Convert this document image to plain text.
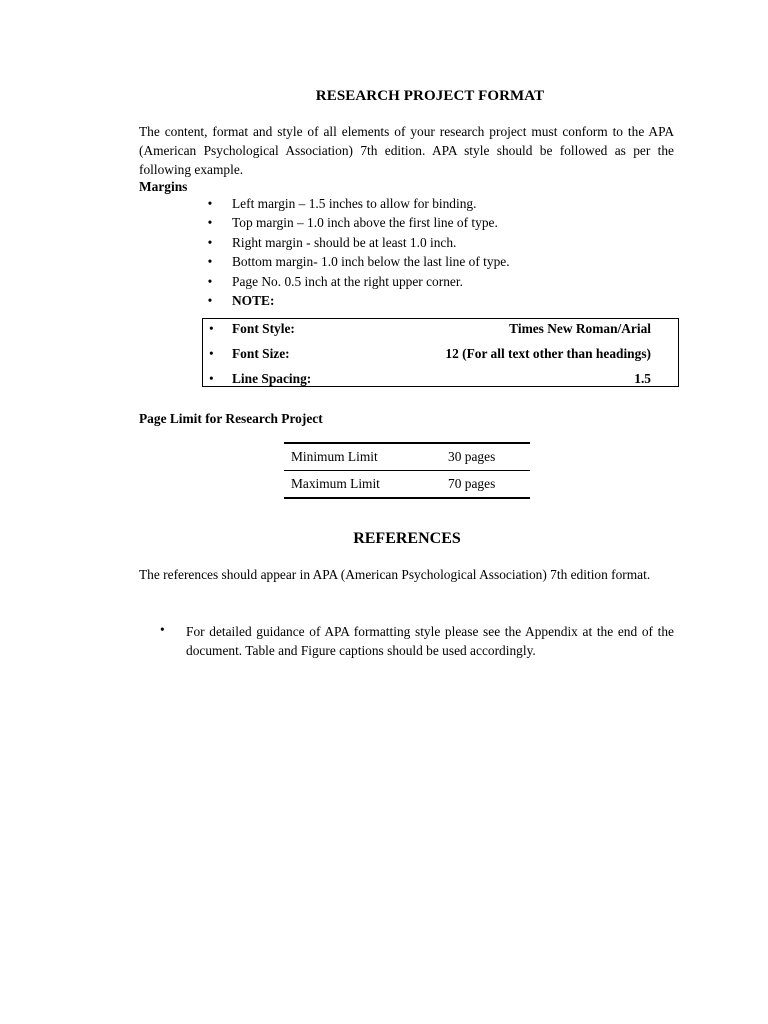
RESEARCH PROJECT FORMAT

The content, format and style of all elements of your research project must conform to the APA (American Psychological Association) 7th edition. APA style should be followed as per the following example.

Margins

• Left margin – 1.5 inches to allow for binding.
• Top margin – 1.0 inch above the first line of type.
• Right margin - should be at least 1.0 inch.
• Bottom margin- 1.0 inch below the last line of type.
• Page No. 0.5 inch at the right upper corner.
• NOTE:
• Font Style:	Times New Roman/Arial
• Font Size:	12 (For all text other than headings)
• Line Spacing:	1.5

Page Limit for Research Project

Minimum Limit	30 pages
Maximum Limit	70 pages
REFERENCES

The references should appear in APA (American Psychological Association) 7th edition format.

• For detailed guidance of APA formatting style please see the Appendix at the end of the document. Table and Figure captions should be used accordingly.
